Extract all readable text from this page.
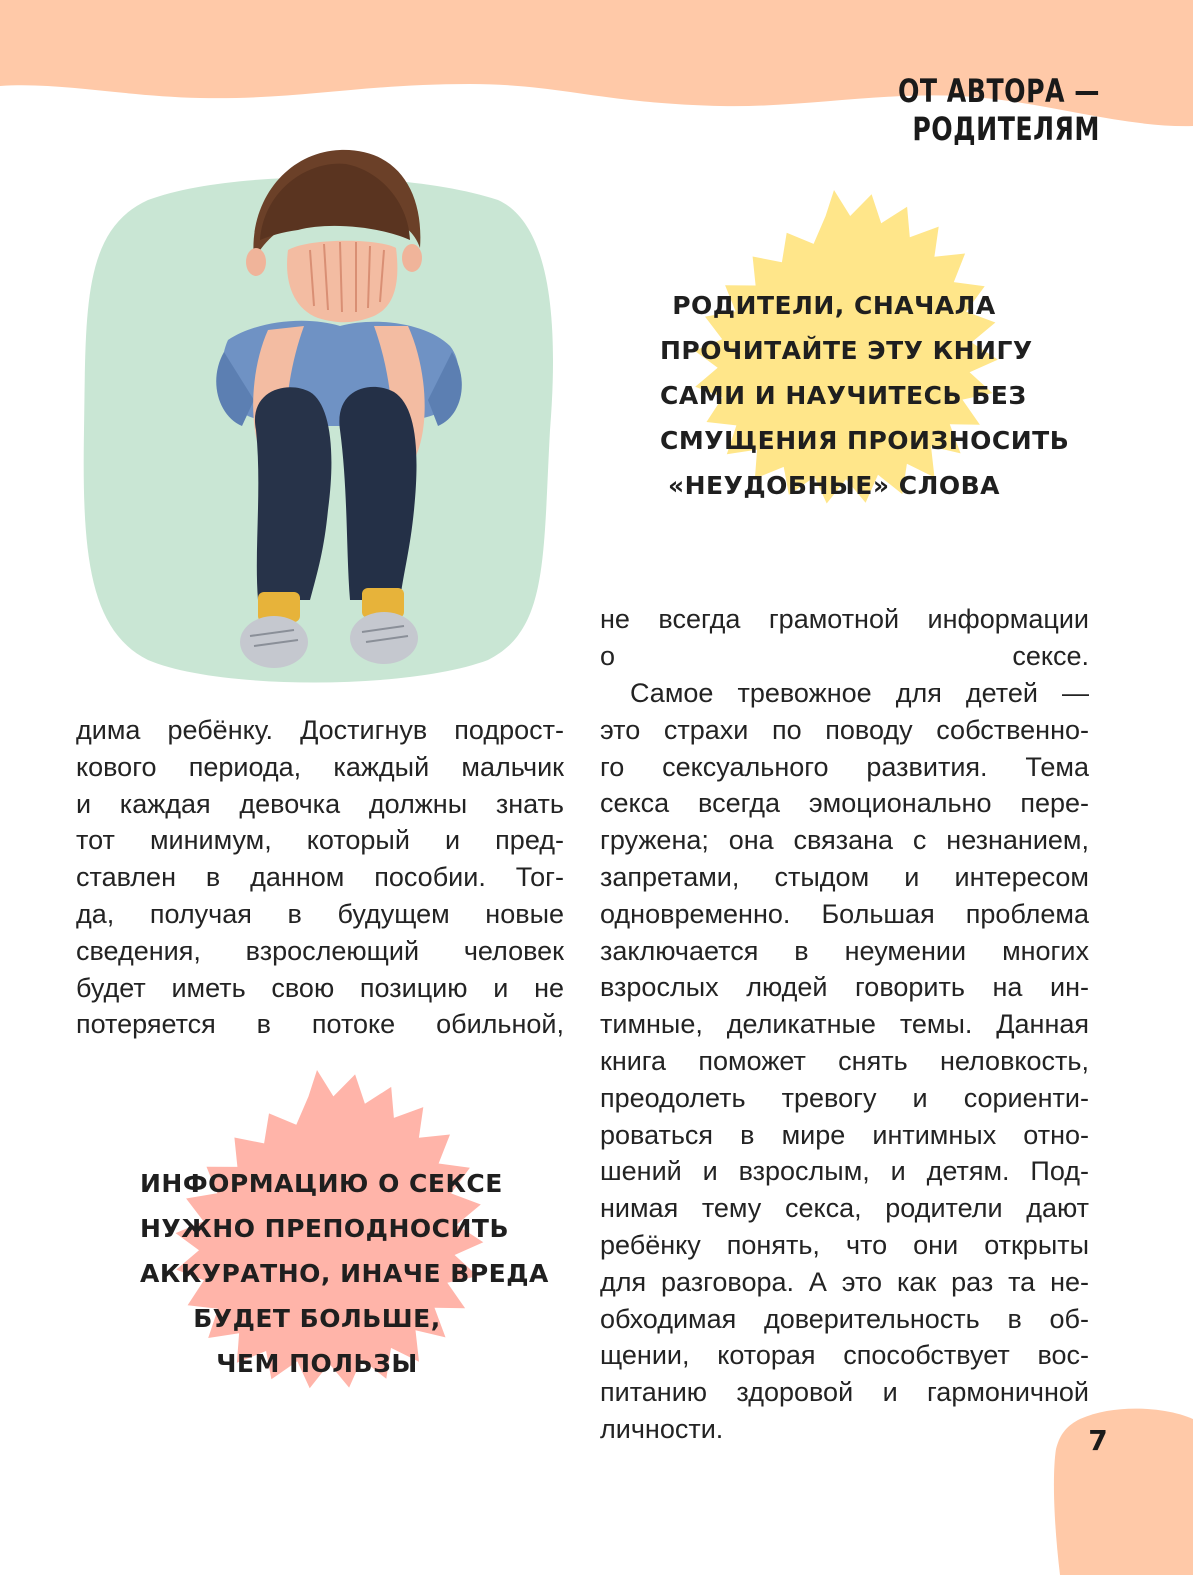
ОТ АВТОРА — РОДИТЕЛЯМ
РОДИТЕЛИ, СНАЧАЛА
ПРОЧИТАЙТЕ ЭТУ КНИГУ
САМИ И НАУЧИТЕСЬ БЕЗ
СМУЩЕНИЯ ПРОИЗНОСИТЬ
«НЕУДОБНЫЕ» СЛОВА
ИНФОРМАЦИЮ О СЕКСЕ
НУЖНО ПРЕПОДНОСИТЬ
АККУРАТНО, ИНАЧЕ ВРЕДА
БУДЕТ БОЛЬШЕ,
ЧЕМ ПОЛЬЗЫ
дима ребёнку. Достигнув подрост-
кового периода, каждый мальчик
и каждая девочка должны знать
тот минимум, который и пред-
ставлен в данном пособии. Тог-
да, получая в будущем новые
сведения, взрослеющий человек
будет иметь свою позицию и не
потеряется в потоке обильной,
не всегда грамотной информации
о сексе.
Самое тревожное для детей —
это страхи по поводу собственно-
го сексуального развития. Тема
секса всегда эмоционально пере-
гружена; она связана с незнанием,
запретами, стыдом и интересом
одновременно. Большая проблема
заключается в неумении многих
взрослых людей говорить на ин-
тимные, деликатные темы. Данная
книга поможет снять неловкость,
преодолеть тревогу и сориенти-
роваться в мире интимных отно-
шений и взрослым, и детям. Под-
нимая тему секса, родители дают
ребёнку понять, что они открыты
для разговора. А это как раз та не-
обходимая доверительность в об-
щении, которая способствует вос-
питанию здоровой и гармоничной
личности.	7
